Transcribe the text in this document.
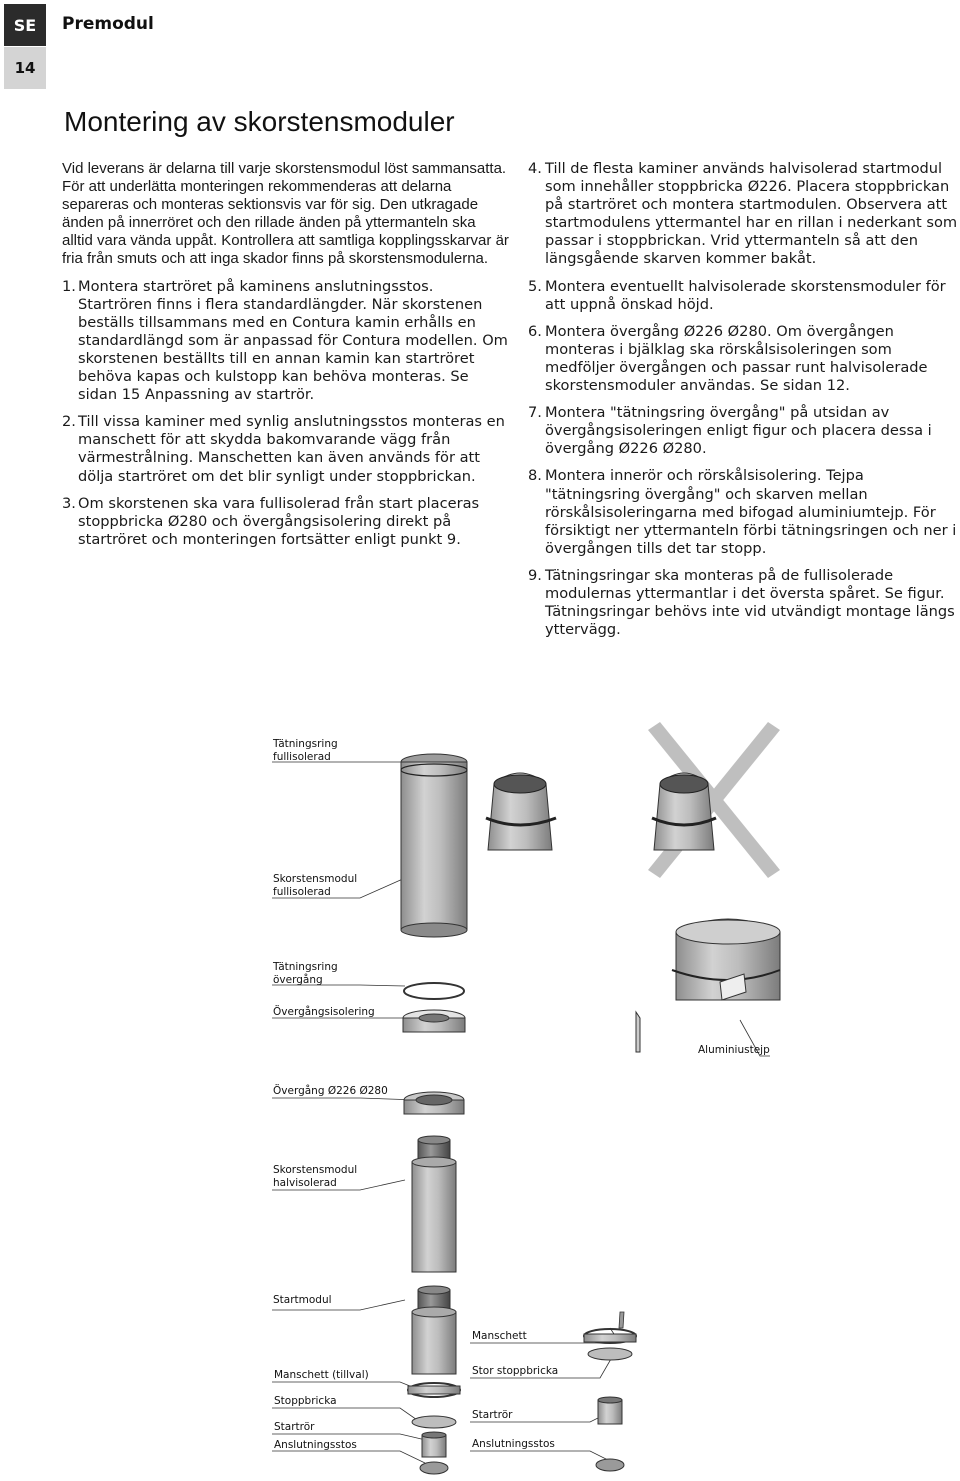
SE
14
Premodul
Montering av skorstensmoduler

Vid leverans är delarna till varje skorstensmodul löst sammansatta. För att underlätta monteringen rekommenderas att delarna separeras och monteras sektionsvis var för sig. Den utkragade änden på innerröret och den rillade änden på yttermanteln ska alltid vara vända uppåt. Kontrollera att samtliga kopplingsskarvar är fria från smuts och att inga skador finns på skorstensmodulerna.

1. Montera startröret på kaminens anslutningsstos. Startrören finns i flera standardlängder. När skorstenen beställs tillsammans med en Contura kamin erhålls en standardlängd som är anpassad för Contura modellen. Om skorstenen beställts till en annan kamin kan startröret behöva kapas och kulstopp kan behöva monteras. Se sidan 15 Anpassning av startrör.

2. Till vissa kaminer med synlig anslutningsstos monteras en manschett för att skydda bakomvarande vägg från värmestrålning. Manschetten kan även används för att dölja startröret om det blir synligt under stoppbrickan.

3. Om skorstenen ska vara fullisolerad från start placeras stoppbricka Ø280 och övergångsisolering direkt på startröret och monteringen fortsätter enligt punkt 9.

4. Till de flesta kaminer används halvisolerad startmodul som innehåller stoppbricka Ø226. Placera stoppbrickan på startröret och montera startmodulen. Observera att startmodulens yttermantel har en rillan i nederkant som passar i stoppbrickan. Vrid yttermanteln så att den längsgående skarven kommer bakåt.

5. Montera eventuellt halvisolerade skorstensmoduler för att uppnå önskad höjd.

6. Montera övergång Ø226 Ø280. Om övergången monteras i bjälklag ska rörskålsisoleringen som medföljer övergången och passar runt halvisolerade skorstensmoduler användas. Se sidan 12.

7. Montera "tätningsring övergång" på utsidan av övergångsisoleringen enligt figur och placera dessa i övergång Ø226 Ø280.

8. Montera innerör och rörskålsisolering. Tejpa "tätningsring övergång" och skarven mellan rörskålsisoleringarna med bifogad aluminiumtejp. För försiktigt ner yttermanteln förbi tätningsringen och ner i övergången tills det tar stopp.

9. Tätningsringar ska monteras på de fullisolerade modulernas yttermantlar i det översta spåret. Se figur. Tätningsringar behövs inte vid utvändigt montage längs yttervägg.

Tätningsring
fullisolerad
Skorstensmodul
fullisolerad
Tätningsring
övergång
Övergångsisolering
Aluminiustejp
Övergång Ø226 Ø280
Skorstensmodul
halvisolerad
Startmodul
Manschett
Manschett (tillval)	Stor stoppbricka
Stoppbricka
Startrör
Startrör
Anslutningsstos	Anslutningsstos
